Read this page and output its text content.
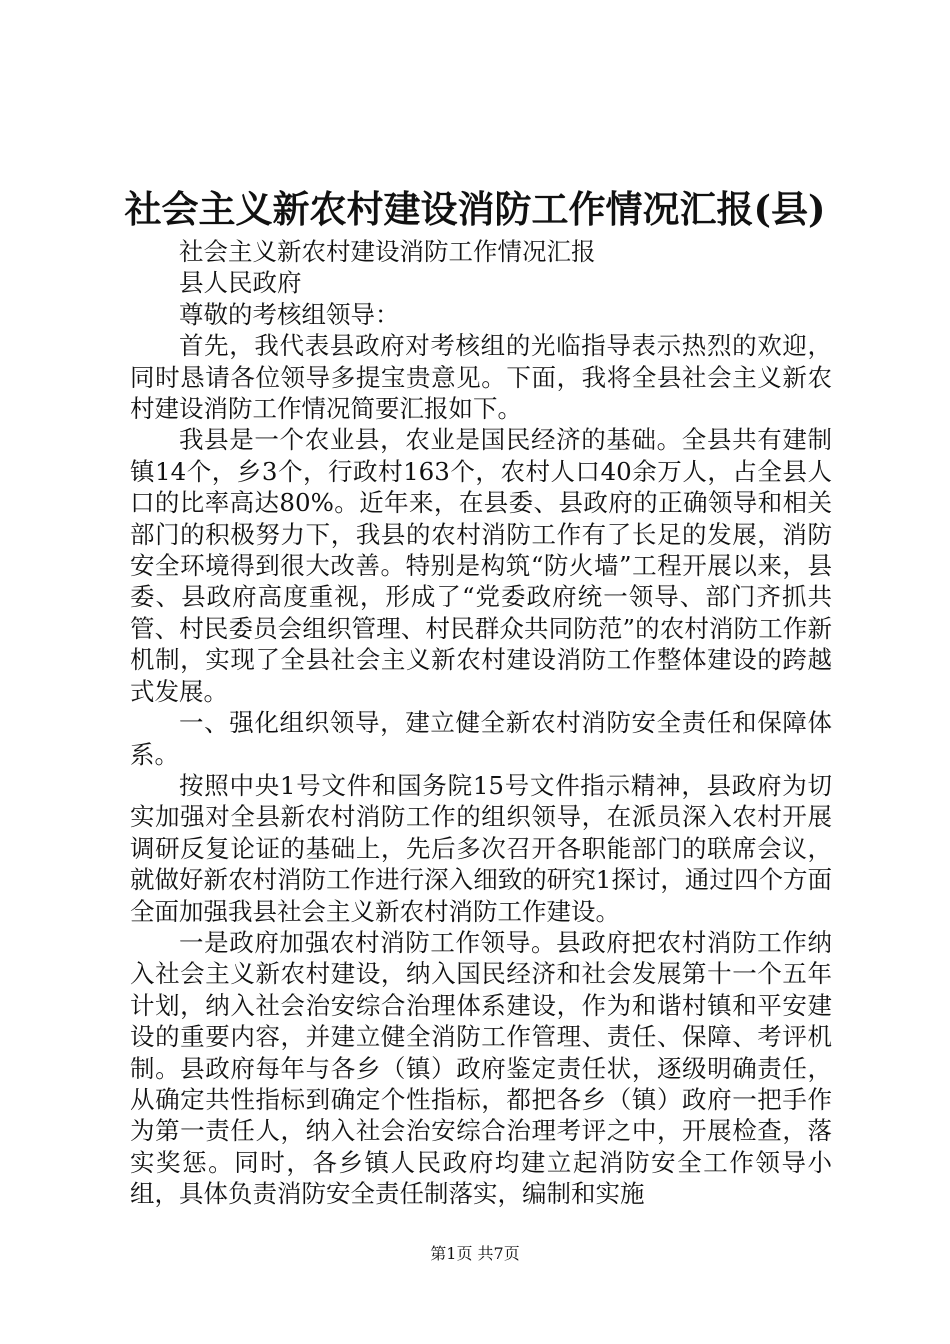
社会主义新农村建设消防工作情况汇报(县)

社会主义新农村建设消防工作情况汇报

县人民政府

尊敬的考核组领导：

首先，我代表县政府对考核组的光临指导表示热烈的欢迎，同时恳请各位领导多提宝贵意见。下面，我将全县社会主义新农村建设消防工作情况简要汇报如下。

我县是一个农业县，农业是国民经济的基础。全县共有建制镇14个，乡3个，行政村163个，农村人口40余万人，占全县人口的比率高达80%。近年来，在县委、县政府的正确领导和相关部门的积极努力下，我县的农村消防工作有了长足的发展，消防安全环境得到很大改善。特别是构筑“防火墙”工程开展以来，县委、县政府高度重视，形成了“党委政府统一领导、部门齐抓共管、村民委员会组织管理、村民群众共同防范”的农村消防工作新机制，实现了全县社会主义新农村建设消防工作整体建设的跨越式发展。

一、强化组织领导，建立健全新农村消防安全责任和保障体系。

按照中央1号文件和国务院15号文件指示精神，县政府为切实加强对全县新农村消防工作的组织领导，在派员深入农村开展调研反复论证的基础上，先后多次召开各职能部门的联席会议，就做好新农村消防工作进行深入细致的研究1探讨，通过四个方面全面加强我县社会主义新农村消防工作建设。

一是政府加强农村消防工作领导。县政府把农村消防工作纳入社会主义新农村建设，纳入国民经济和社会发展第十一个五年计划，纳入社会治安综合治理体系建设，作为和谐村镇和平安建设的重要内容，并建立健全消防工作管理、责任、保障、考评机制。县政府每年与各乡（镇）政府鉴定责任状，逐级明确责任，从确定共性指标到确定个性指标，都把各乡（镇）政府一把手作为第一责任人，纳入社会治安综合治理考评之中，开展检查，落实奖惩。同时，各乡镇人民政府均建立起消防安全工作领导小组，具体负责消防安全责任制落实，编制和实施

第1页 共7页
